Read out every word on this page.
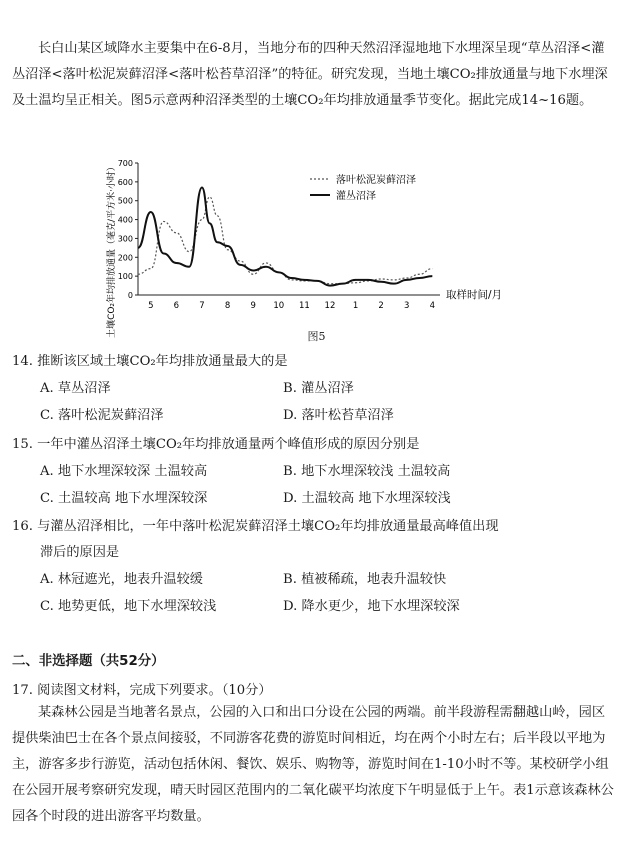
长白山某区域降水主要集中在6-8月，当地分布的四种天然沼泽湿地地下水埋深呈现“草丛沼泽<灌丛沼泽<落叶松泥炭藓沼泽<落叶松苔草沼泽”的特征。研究发现，当地土壤CO₂排放通量与地下水埋深及土温均呈正相关。图5示意两种沼泽类型的土壤CO₂年均排放通量季节变化。据此完成14~16题。

0
100
200
300
400
500
600
700
5 6 7 8 9 10 11 12 1 2 3 4
落叶松泥炭藓沼泽
灌丛沼泽
土壤CO₂年均排放通量（毫克/平方米·小时）	取样时间/月
图5

14. 推断该区域土壤CO₂年均排放通量最大的是

A. 草丛沼泽	B. 灌丛沼泽

C. 落叶松泥炭藓沼泽	D. 落叶松苔草沼泽

15. 一年中灌丛沼泽土壤CO₂年均排放通量两个峰值形成的原因分别是

A. 地下水埋深较深 土温较高	B. 地下水埋深较浅 土温较高

C. 土温较高 地下水埋深较深	D. 土温较高 地下水埋深较浅

16. 与灌丛沼泽相比，一年中落叶松泥炭藓沼泽土壤CO₂年均排放通量最高峰值出现

滞后的原因是

A. 林冠遮光，地表升温较缓	B. 植被稀疏，地表升温较快

C. 地势更低，地下水埋深较浅	D. 降水更少，地下水埋深较深

二、非选择题（共52分）

17. 阅读图文材料，完成下列要求。（10分）

某森林公园是当地著名景点，公园的入口和出口分设在公园的两端。前半段游程需翻越山岭，园区提供柴油巴士在各个景点间接驳，不同游客花费的游览时间相近，均在两个小时左右；后半段以平地为主，游客多步行游览，活动包括休闲、餐饮、娱乐、购物等，游览时间在1-10小时不等。某校研学小组在公园开展考察研究发现，晴天时园区范围内的二氧化碳平均浓度下午明显低于上午。表1示意该森林公园各个时段的进出游客平均数量。
